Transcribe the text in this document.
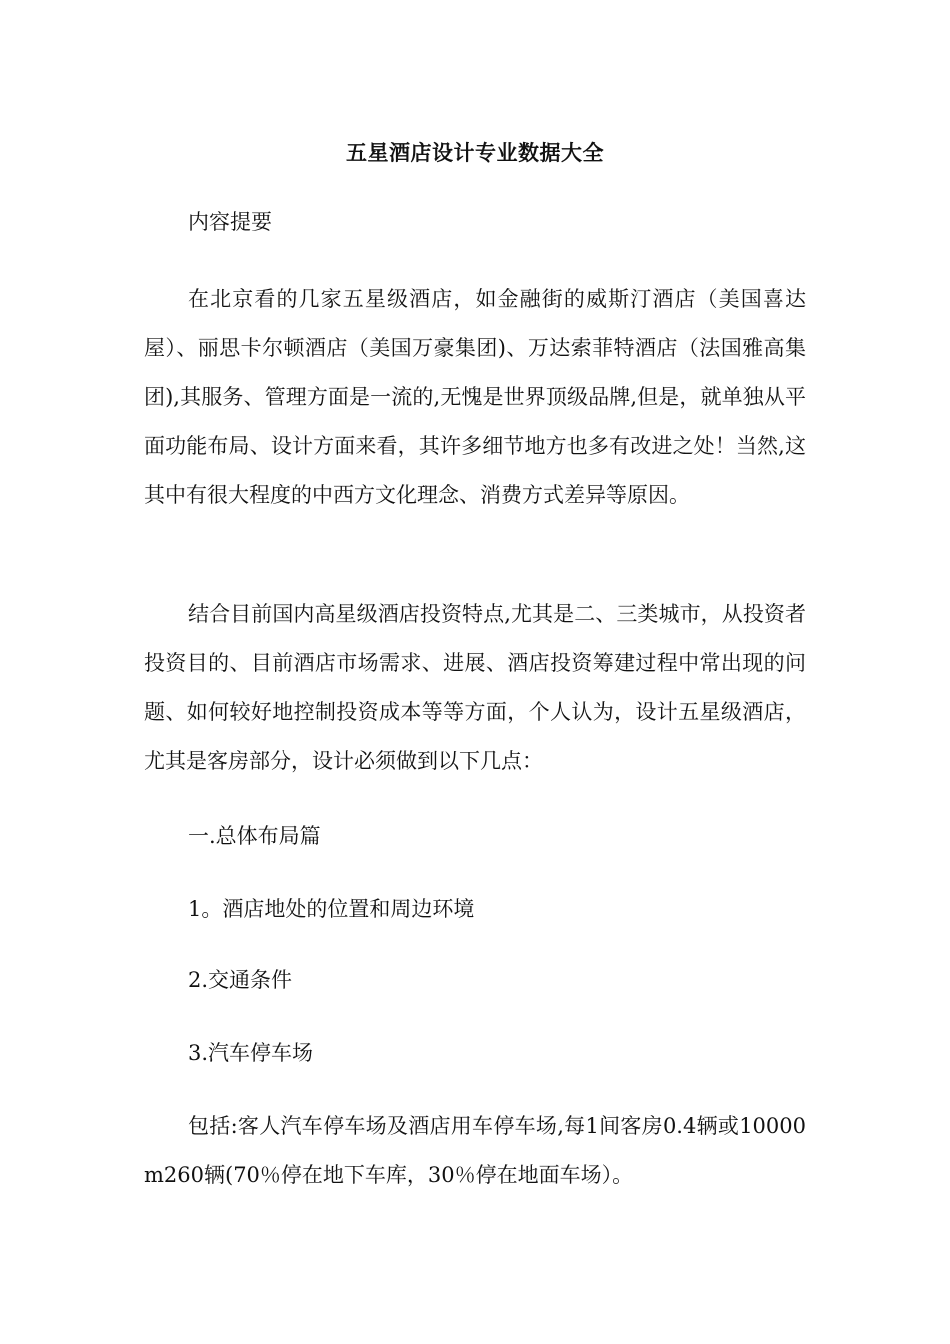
五星酒店设计专业数据大全

内容提要

在北京看的几家五星级酒店，如金融街的威斯汀酒店（美国喜达屋）、丽思卡尔顿酒店（美国万豪集团)、万达索菲特酒店（法国雅高集团),其服务、管理方面是一流的,无愧是世界顶级品牌,但是，就单独从平面功能布局、设计方面来看，其许多细节地方也多有改进之处！当然,这其中有很大程度的中西方文化理念、消费方式差异等原因。

结合目前国内高星级酒店投资特点,尤其是二、三类城市，从投资者投资目的、目前酒店市场需求、进展、酒店投资筹建过程中常出现的问题、如何较好地控制投资成本等等方面，个人认为，设计五星级酒店，尤其是客房部分，设计必须做到以下几点：

一.总体布局篇

1。酒店地处的位置和周边环境

2.交通条件

3.汽车停车场

包括:客人汽车停车场及酒店用车停车场,每1间客房0.4辆或10000m260辆(70％停在地下车库，30％停在地面车场）。
